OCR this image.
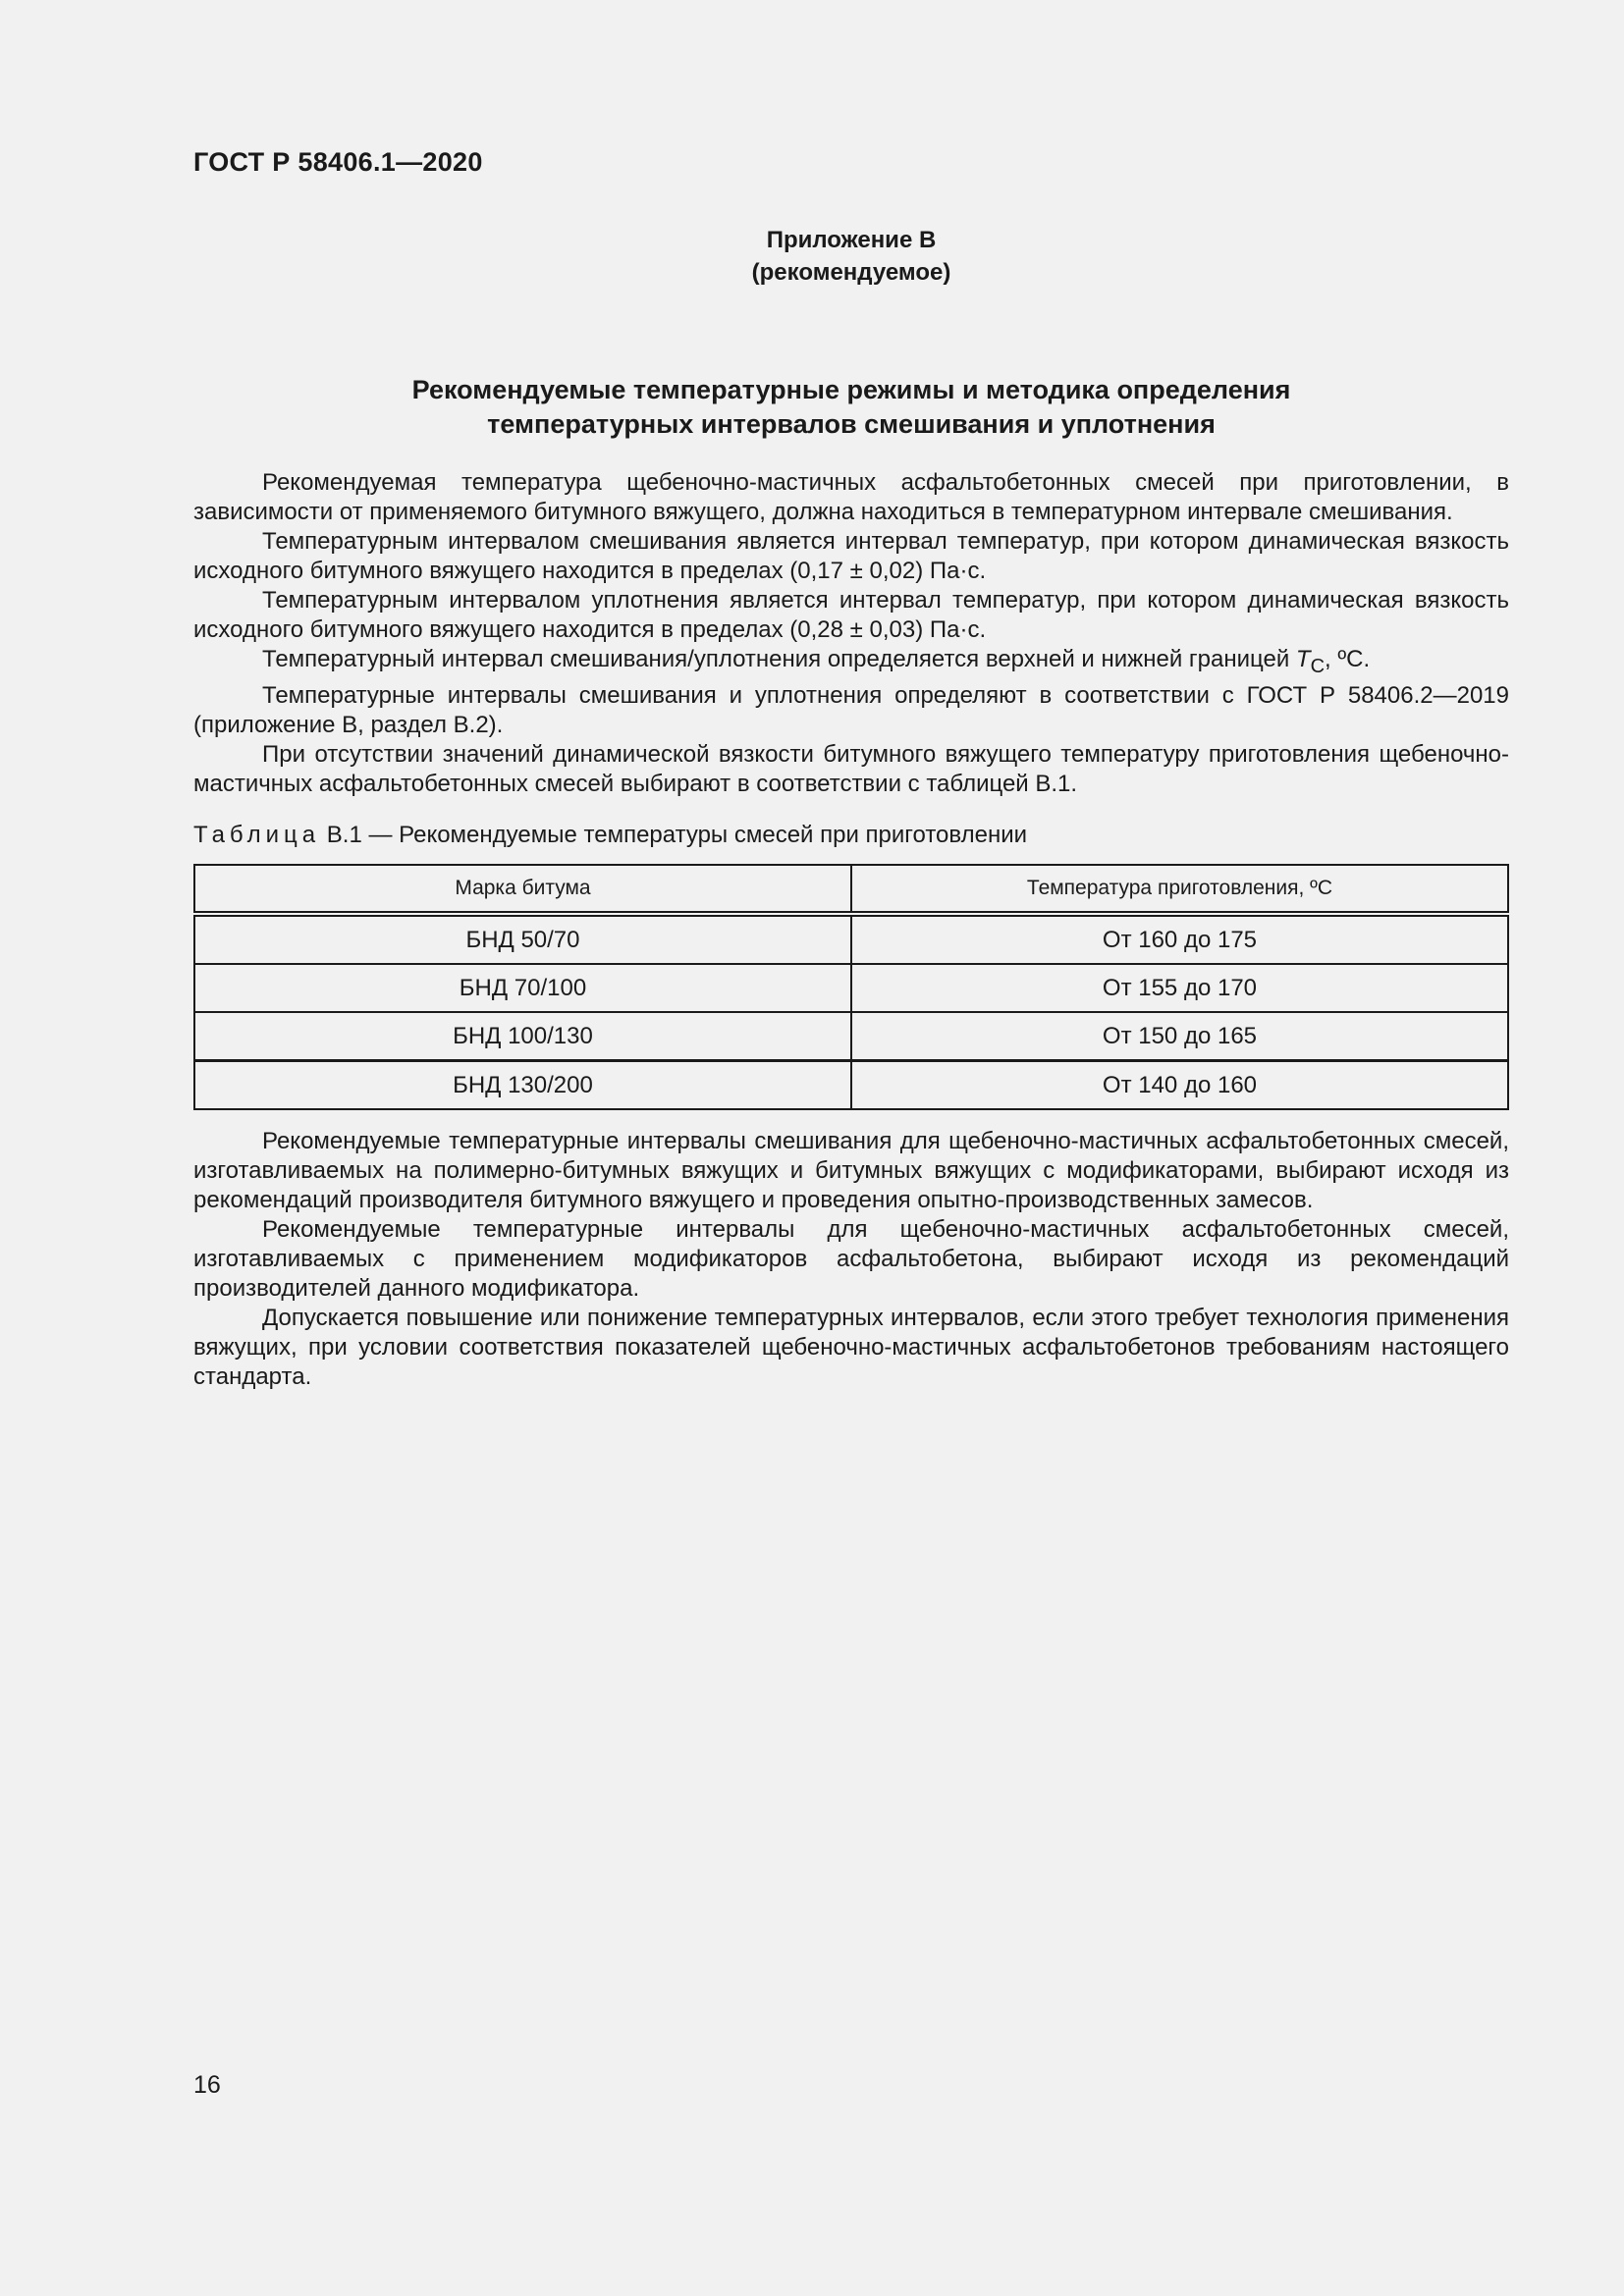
ГОСТ Р 58406.1—2020
Приложение В
(рекомендуемое)
Рекомендуемые температурные режимы и методика определения
температурных интервалов смешивания и уплотнения

Рекомендуемая температура щебеночно-мастичных асфальтобетонных смесей при приготовлении, в зависимости от применяемого битумного вяжущего, должна находиться в температурном интервале смешивания.

Температурным интервалом смешивания является интервал температур, при котором динамическая вязкость исходного битумного вяжущего находится в пределах (0,17 ± 0,02) Па·с.

Температурным интервалом уплотнения является интервал температур, при котором динамическая вязкость исходного битумного вяжущего находится в пределах (0,28 ± 0,03) Па·с.

Температурный интервал смешивания/уплотнения определяется верхней и нижней границей $T_C$, ºС.

Температурные интервалы смешивания и уплотнения определяют в соответствии с ГОСТ Р 58406.2—2019 (приложение В, раздел В.2).

При отсутствии значений динамической вязкости битумного вяжущего температуру приготовления щебеночно-мастичных асфальтобетонных смесей выбирают в соответствии с таблицей В.1.

Таблица В.1 — Рекомендуемые температуры смесей при приготовлении
Марка битума	Температура приготовления, ºС
БНД 50/70	От 160 до 175
БНД 70/100	От 155 до 170
БНД 100/130	От 150 до 165
БНД 130/200	От 140 до 160

Рекомендуемые температурные интервалы смешивания для щебеночно-мастичных асфальтобетонных смесей, изготавливаемых на полимерно-битумных вяжущих и битумных вяжущих с модификаторами, выбирают исходя из рекомендаций производителя битумного вяжущего и проведения опытно-производственных замесов.

Рекомендуемые температурные интервалы для щебеночно-мастичных асфальтобетонных смесей, изготавливаемых с применением модификаторов асфальтобетона, выбирают исходя из рекомендаций производителей данного модификатора.

Допускается повышение или понижение температурных интервалов, если этого требует технология применения вяжущих, при условии соответствия показателей щебеночно-мастичных асфальтобетонов требованиям настоящего стандарта.

16
